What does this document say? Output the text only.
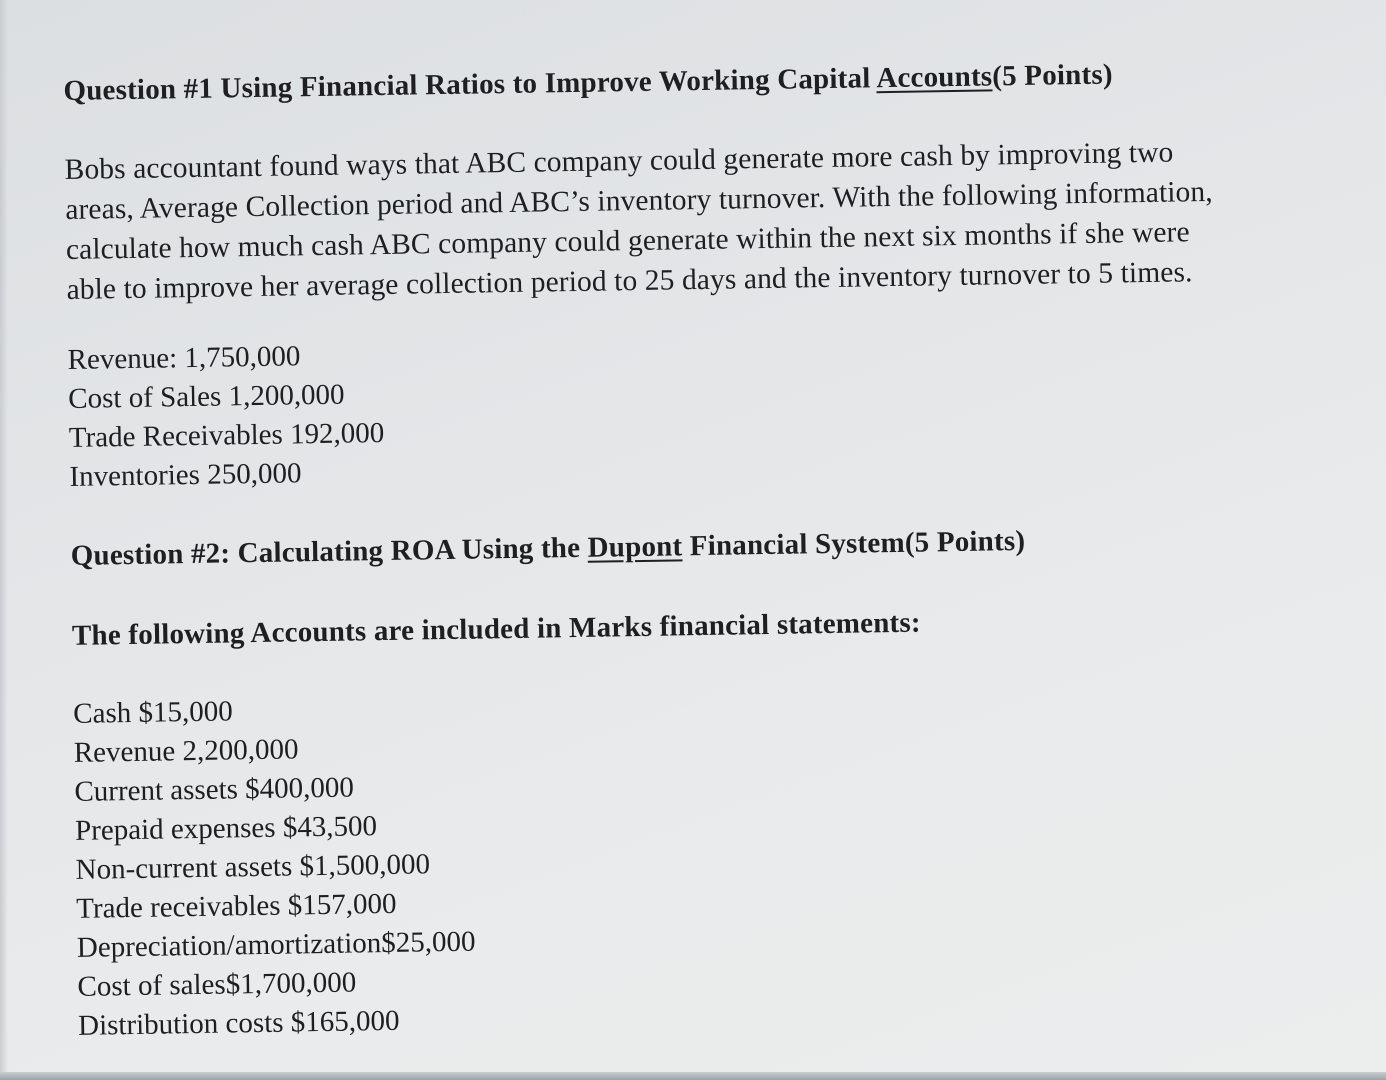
Question #1 Using Financial Ratios to Improve Working Capital Accounts(5 Points)
Bobs accountant found ways that ABC company could generate more cash by improving two
areas, Average Collection period and ABC’s inventory turnover. With the following information,
calculate how much cash ABC company could generate within the next six months if she were
able to improve her average collection period to 25 days and the inventory turnover to 5 times.
Revenue: 1,750,000
Cost of Sales 1,200,000
Trade Receivables 192,000
Inventories 250,000
Question #2: Calculating ROA Using the Dupont Financial System(5 Points)
The following Accounts are included in Marks financial statements:
Cash $15,000
Revenue 2,200,000
Current assets $400,000
Prepaid expenses $43,500
Non-current assets $1,500,000
Trade receivables $157,000
Depreciation/amortization$25,000
Cost of sales$1,700,000
Distribution costs $165,000
